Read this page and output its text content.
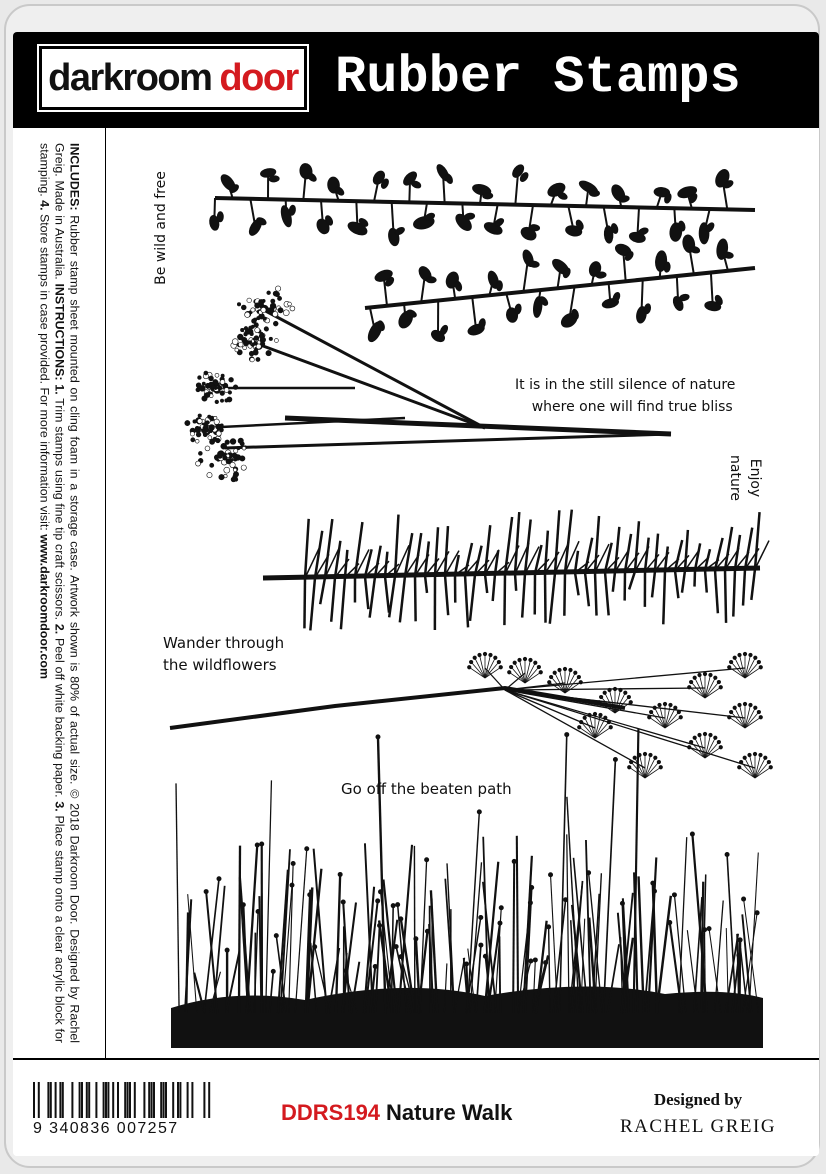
darkroom door Rubber Stamps
INCLUDES: Rubber stamp sheet mounted on cling foam in a storage case. Artwork shown is 80% of actual size. © 2018 Darkroom Door. Designed by Rachel Greig. Made in Australia. INSTRUCTIONS: 1. Trim stamps using fine tip craft scissors. 2. Peel off white backing paper. 3. Place stamp onto a clear acrylic block for stamping. 4. Store stamps in case provided. For more information visit: www.darkroomdoor.com
Be wild and free
It is in the still silence of nature
where one will find true bliss
Enjoy
nature
Wander through
the wildflowers
Go off the beaten path
9 340836 007257
DDRS194 Nature Walk
Designed by
RACHEL GREIG
